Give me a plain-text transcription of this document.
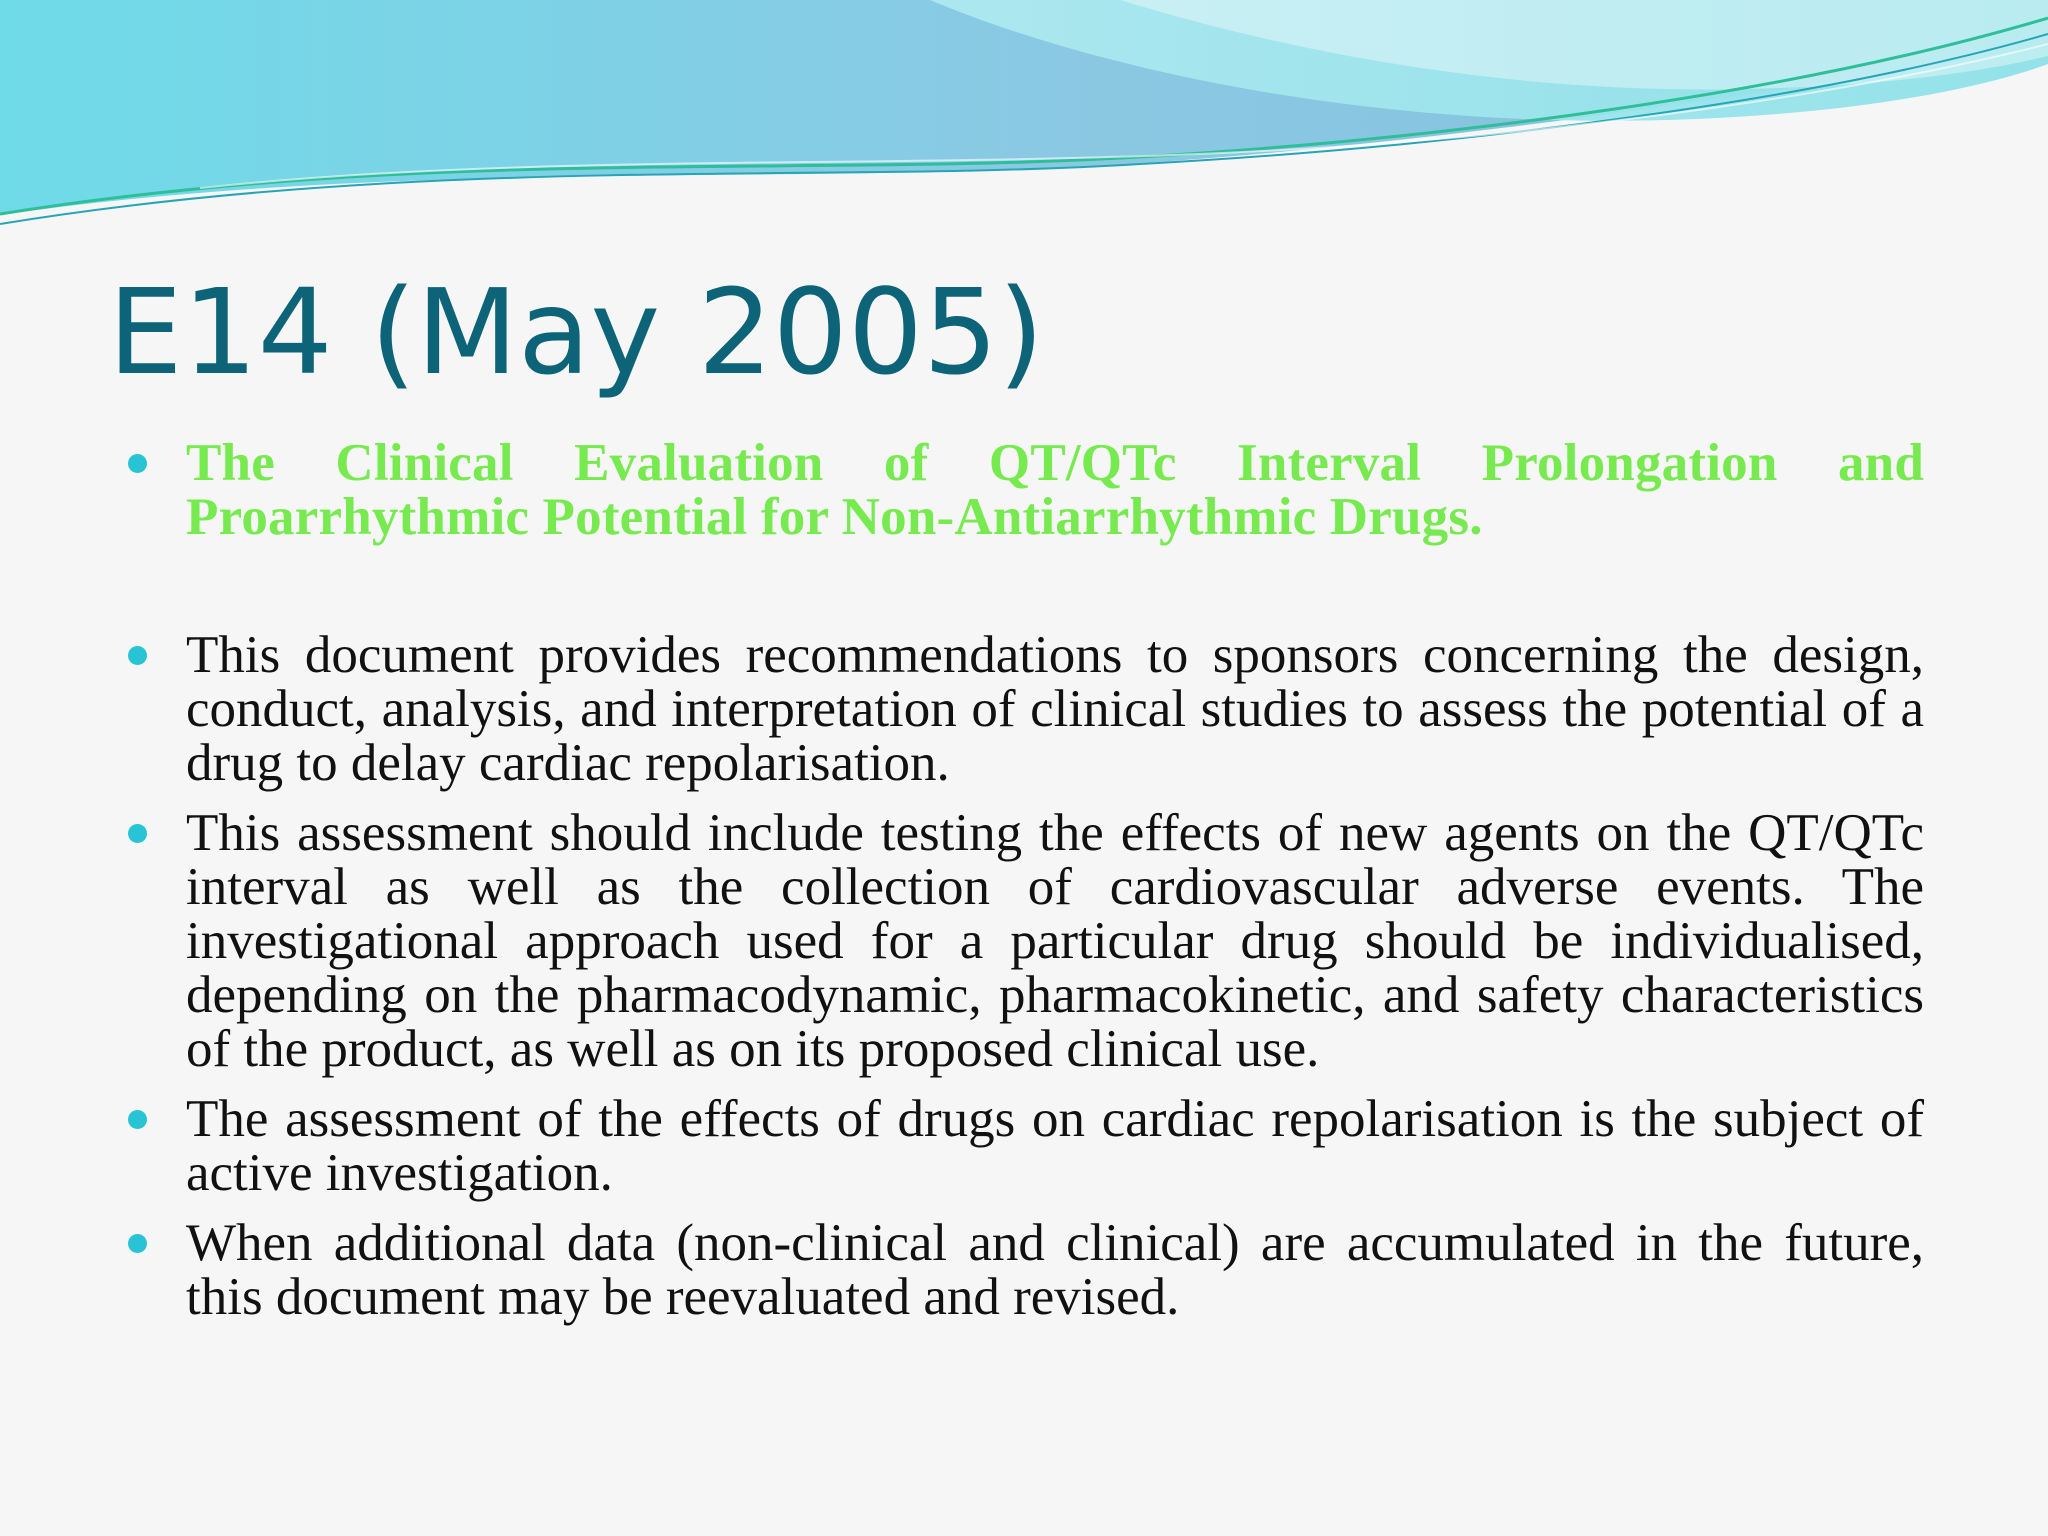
E14 (May 2005)
The Clinical Evaluation of QT/QTc Interval Prolongation and Proarrhythmic Potential for Non-Antiarrhythmic Drugs.
This document provides recommendations to sponsors concerning the design, conduct, analysis, and interpretation of clinical studies to assess the potential of a drug to delay cardiac repolarisation.
This assessment should include testing the effects of new agents on the QT/QTc interval as well as the collection of cardiovascular adverse events. The investigational approach used for a particular drug should be individualised, depending on the pharmacodynamic, pharmacokinetic, and safety characteristics of the product, as well as on its proposed clinical use.
The assessment of the effects of drugs on cardiac repolarisation is the subject of active investigation.
When additional data (non-clinical and clinical) are accumulated in the future, this document may be reevaluated and revised.
